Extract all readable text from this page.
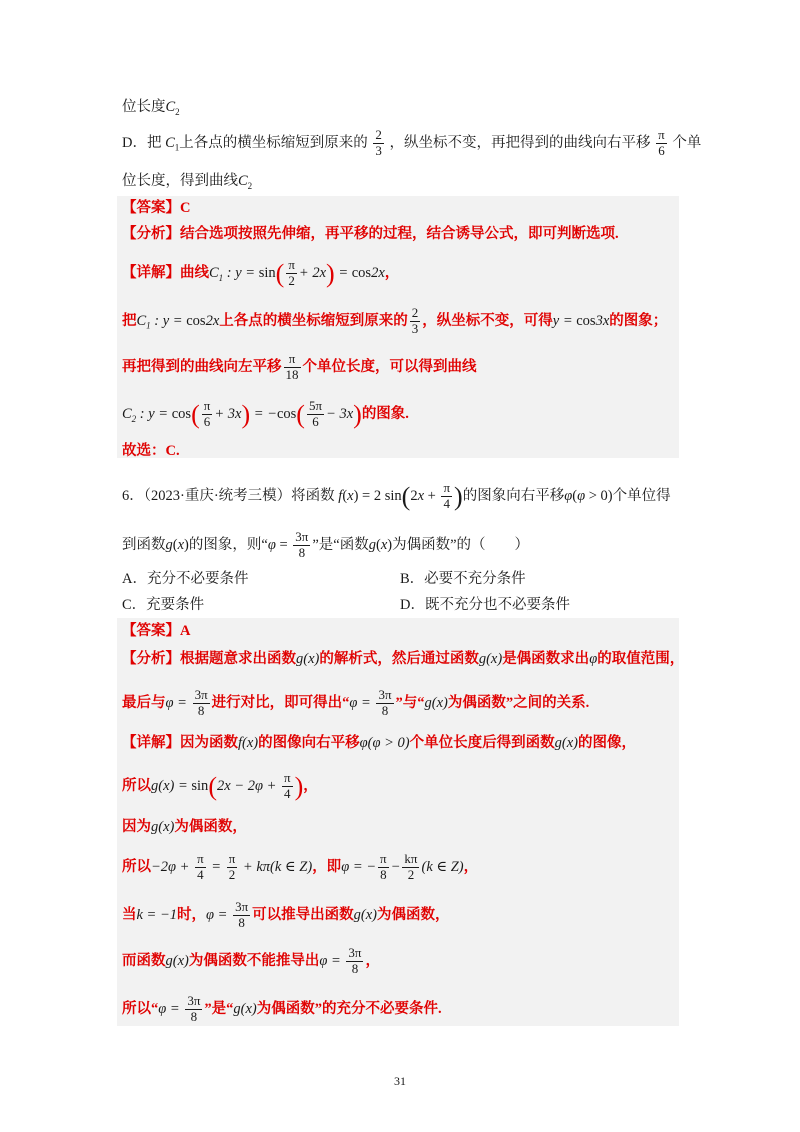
位长度$C_2$
D．把 $C_1$上各点的横坐标缩短到原来的 $\frac{2}{3}$ ，纵坐标不变，再把得到的曲线向右平移 $\frac{\pi}{6}$ 个单
位长度，得到曲线$C_2$
【答案】C
【分析】结合选项按照先伸缩，再平移的过程，结合诱导公式，即可判断选项.
【详解】曲线$C_1$ : $y = \sin( \frac{\pi}{2} + 2x) = \cos 2x$，
把$C_1$ : y = cos2x上各点的横坐标缩短到原来的 $\frac{2}{3}$ ，纵坐标不变，可得y = cos3x的图象；
再把得到的曲线向左平移 $\frac{\pi}{18}$ 个单位长度，可以得到曲线
$C_2$ : $y = \cos( \frac{\pi}{6} + 3x) = -\cos( \frac{5\pi}{6} - 3x)$的图象.
故选：C.
6．（2023·重庆·统考三模）将函数 f(x) = 2 $\sin(2x + \frac{\pi}{4}$ )的图象向右平移φ(φ > 0)个单位得
到函数g(x)的图象，则“$\varphi = \frac{3\pi}{8}$ ”是“函数g(x)为偶函数”的（　　）
A．充分不必要条件	B．必要不充分条件
C．充要条件	D．既不充分也不必要条件
【答案】A
【分析】根据题意求出函数g(x)的解析式，然后通过函数g(x)是偶函数求出φ的取值范围，
最后与$\varphi = \frac{3\pi}{8}$ 进行对比，即可得出“$\varphi = \frac{3\pi}{8}$ ”与“g(x)为偶函数”之间的关系.
【详解】因为函数f(x)的图像向右平移φ(φ > 0)个单位长度后得到函数g(x)的图像，
所以$g(x) = \sin(2x - 2\varphi + \frac{\pi}{4}$ )，
因为g(x)为偶函数，
所以$-2\varphi + \frac{\pi}{4} = \frac{\pi}{2} + k\pi(k$ ∈ Z)，即φ = − $\frac{\pi}{8} - \frac{k\pi}{2} (k$ ∈ Z)，
当k = −1时，$\varphi = \frac{3\pi}{8}$ 可以推导出函数g(x)为偶函数，
而函数g(x)为偶函数不能推导出$\varphi = \frac{3\pi}{8}$ ，
所以“$\varphi = \frac{3\pi}{8}$ ”是“g(x)为偶函数”的充分不必要条件.
31
